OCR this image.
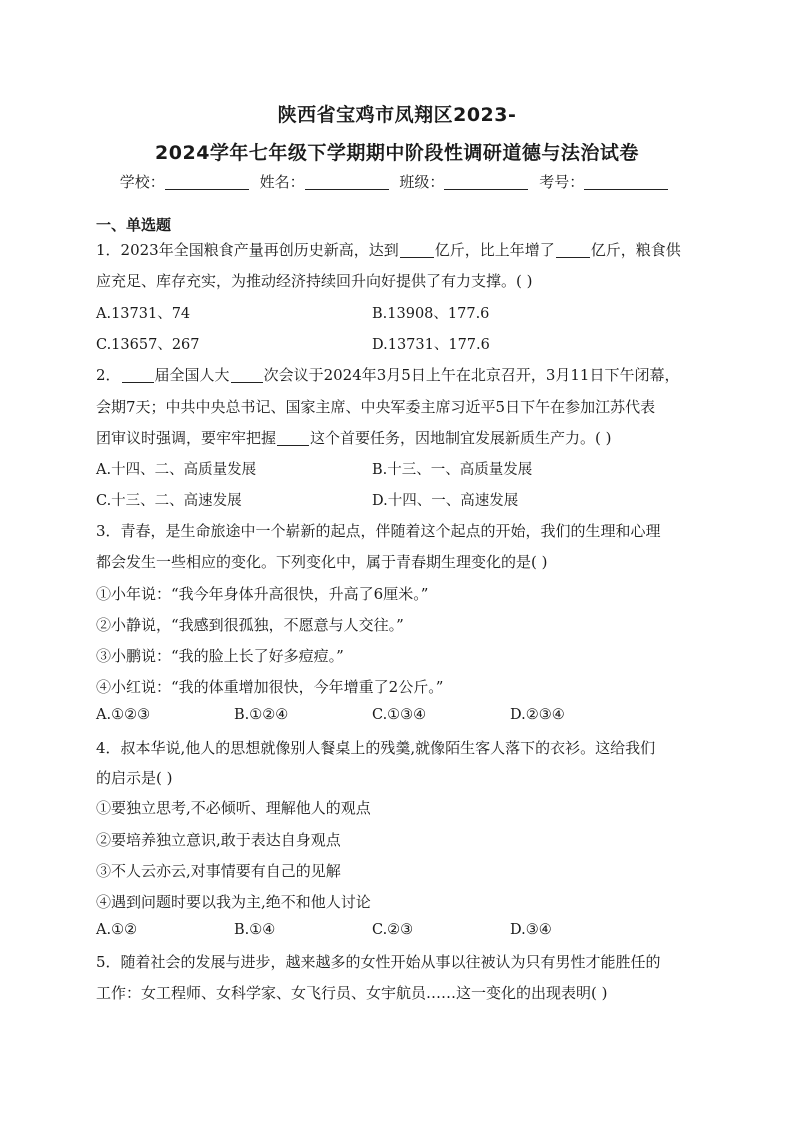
陕西省宝鸡市凤翔区2023-
2024学年七年级下学期期中阶段性调研道德与法治试卷
学校：	姓名：	班级：	考号：
一、单选题
1．2023年全国粮食产量再创历史新高，达到 亿斤，比上年增了 亿斤，粮食供
应充足、库存充实，为推动经济持续回升向好提供了有力支撑。( )
A.13731、74	B.13908、177.6
C.13657、267	D.13731、177.6
2． 届全国人大 次会议于2024年3月5日上午在北京召开，3月11日下午闭幕，
会期7天；中共中央总书记、国家主席、中央军委主席习近平5日下午在参加江苏代表
团审议时强调，要牢牢把握 这个首要任务，因地制宜发展新质生产力。( )
A.十四、二、高质量发展	B.十三、一、高质量发展
C.十三、二、高速发展	D.十四、一、高速发展
3．青春，是生命旅途中一个崭新的起点，伴随着这个起点的开始，我们的生理和心理
都会发生一些相应的变化。下列变化中，属于青春期生理变化的是( )
①小年说：“我今年身体升高很快，升高了6厘米。”
②小静说，“我感到很孤独，不愿意与人交往。”
③小鹏说：“我的脸上长了好多痘痘。”
④小红说：“我的体重增加很快，今年增重了2公斤。”
A.①②③	B.①②④	C.①③④	D.②③④
4．叔本华说,他人的思想就像别人餐桌上的残羹,就像陌生客人落下的衣衫。这给我们
的启示是( )
①要独立思考,不必倾听、理解他人的观点
②要培养独立意识,敢于表达自身观点
③不人云亦云,对事情要有自己的见解
④遇到问题时要以我为主,绝不和他人讨论
A.①②	B.①④	C.②③	D.③④
5．随着社会的发展与进步，越来越多的女性开始从事以往被认为只有男性才能胜任的
工作：女工程师、女科学家、女飞行员、女宇航员……这一变化的出现表明( )
